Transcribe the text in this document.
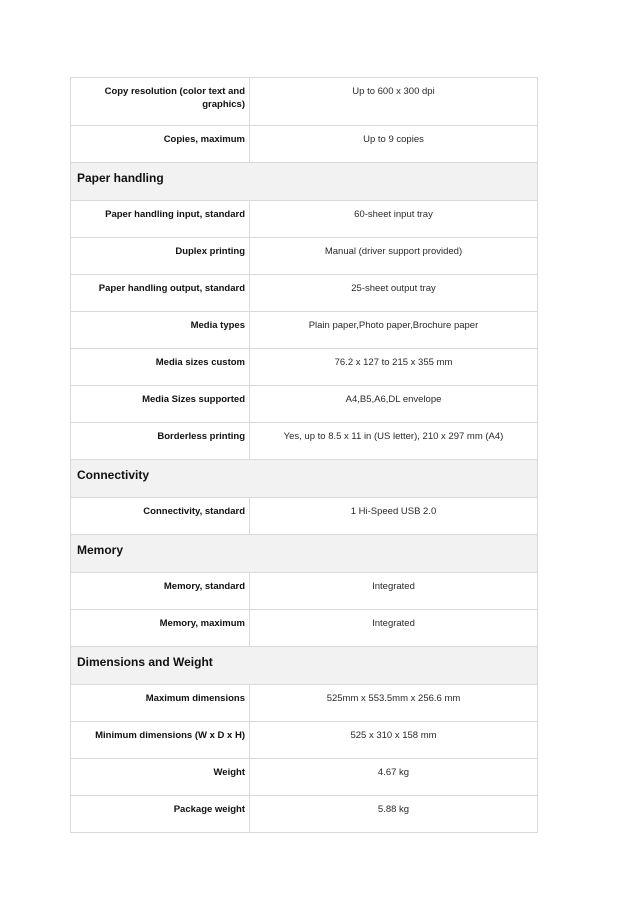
Copy resolution (color text and graphics)	Up to 600 x 300 dpi
Copies, maximum	Up to 9 copies
Paper handling	
Paper handling input, standard	60-sheet input tray
Duplex printing	Manual (driver support provided)
Paper handling output, standard	25-sheet output tray
Media types	Plain paper,Photo paper,Brochure paper
Media sizes custom	76.2 x 127 to 215 x 355 mm
Media Sizes supported	A4,B5,A6,DL envelope
Borderless printing	Yes, up to 8.5 x 11 in (US letter), 210 x 297 mm (A4)
Connectivity	
Connectivity, standard	1 Hi-Speed USB 2.0
Memory	
Memory, standard	Integrated
Memory, maximum	Integrated
Dimensions and Weight	
Maximum dimensions	525mm x 553.5mm x 256.6 mm
Minimum dimensions (W x D x H)	525 x 310 x 158 mm
Weight	4.67 kg
Package weight	5.88 kg
